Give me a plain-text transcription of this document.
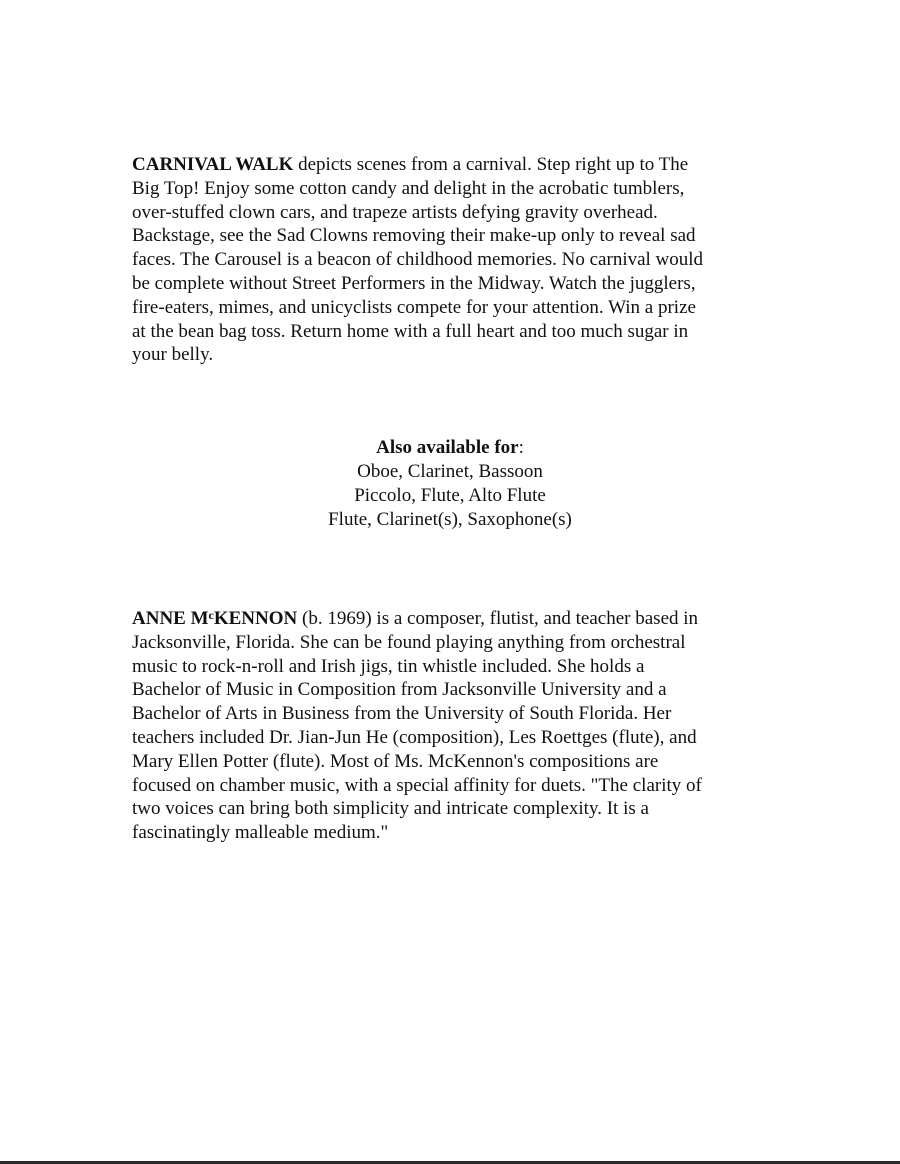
CARNIVAL WALK depicts scenes from a carnival. Step right up to The
Big Top! Enjoy some cotton candy and delight in the acrobatic tumblers,
over-stuffed clown cars, and trapeze artists defying gravity overhead.
Backstage, see the Sad Clowns removing their make-up only to reveal sad
faces. The Carousel is a beacon of childhood memories. No carnival would
be complete without Street Performers in the Midway. Watch the jugglers,
fire-eaters, mimes, and unicyclists compete for your attention. Win a prize
at the bean bag toss. Return home with a full heart and too much sugar in
your belly.

Also available for:
Oboe, Clarinet, Bassoon
Piccolo, Flute, Alto Flute
Flute, Clarinet(s), Saxophone(s)

ANNE $M^cKENNON$ (b. 1969) is a composer, flutist, and teacher based in
Jacksonville, Florida. She can be found playing anything from orchestral
music to rock-n-roll and Irish jigs, tin whistle included. She holds a
Bachelor of Music in Composition from Jacksonville University and a
Bachelor of Arts in Business from the University of South Florida. Her
teachers included Dr. Jian-Jun He (composition), Les Roettges (flute), and
Mary Ellen Potter (flute). Most of Ms. McKennon's compositions are
focused on chamber music, with a special affinity for duets. "The clarity of
two voices can bring both simplicity and intricate complexity. It is a
fascinatingly malleable medium."
